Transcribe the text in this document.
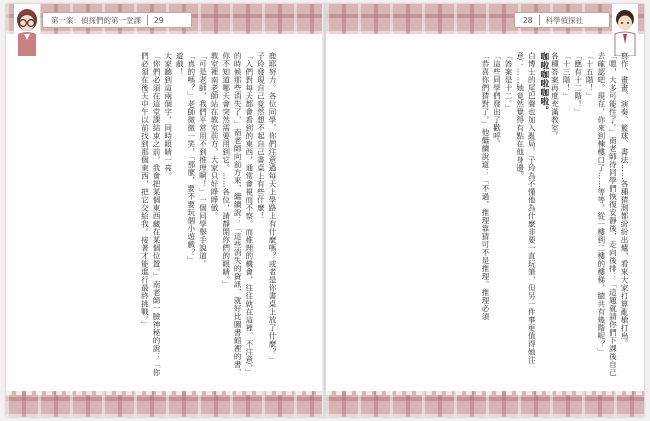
第一案：偵探們的第一堂課 29

鹿耶努力。各位同學，你們注意過每天上學路上有什麼嗎？或者是你書桌上放了什麼？」

子玲發現自己竟然想不起自己書桌上有些什麼！

「入們對每天都會看到的東西，通常會視而不察。而推理的機會，往往就在這裡。不注意，」的時候那些消失了，」南老師向前方來，繼續說：「這些消失的資訊，就好比圖書館裡的書，你不知道哪天會突然需要用到它。……各位，請靜閉你們的眼睛。」

教室裡南老師站在教室前方，大家只好睜睜做。

「可是老師，我們平常用不到推理啊！」一個同學舉手說道。

「真的嗎？」老師微微一笑，「那麼，要不要玩個小遊戲？」

遊戲！

大家聽到這兩個字，同時眼睛一亮。

「你們必須在這堂課結束之前，我會把某個東西藏在某個位置。」南老師一臉神秘的說：「你們必須在後天中午以前找到那個東西，把它交給我。接著才能進行最終挑戰。」

28 科學偵探社

寫作、畫畫、演奏、籃球、書法……各種猜測都紛紛出爐，看來大家打算亂槍打鳥。

「嗯，大多可能性了。」南老師待同學們恢復安靜後，走向後排：「這題就請你們下課後自己去確認吧。現在，你來到棟樓口了……等等，從一樓到二樓的樓梯，總共有幾階呢？」

「十五階！」

「應有十二階！」

「十三階！」

各種答案再度充滿教室。

咖啦咖啦咖啦。

白博士的尾巴聲也加入亂局。子玲為不懂他為什麼非要一直玩筆，但另一件事更值得她注意：……她竟然覺得有點在他身邊。

「答案是十二。」

「這些同學們發出了歡呼。

「恭喜你們猜對了，」他繼續說道：「不過，推理靠猜可不是推理。推理必須
